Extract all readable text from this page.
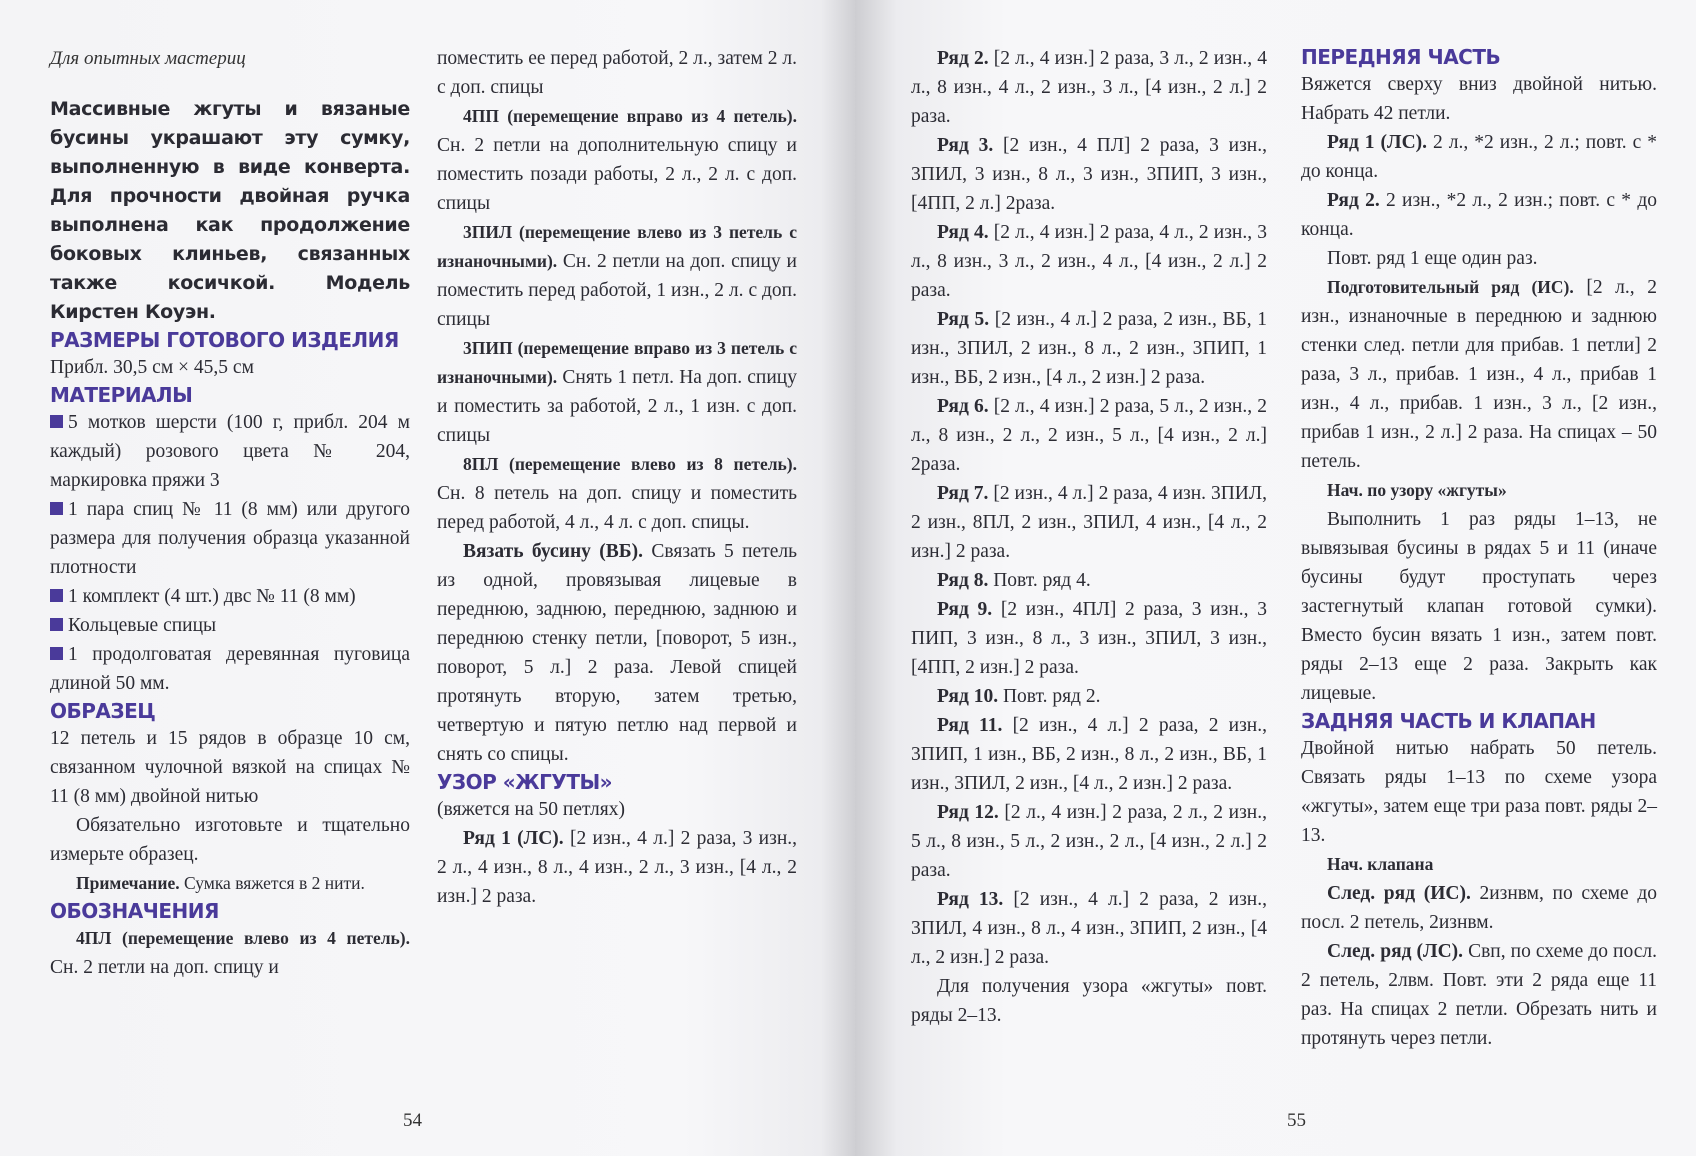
Для опытных мастериц

Массивные жгуты и вязаные бусины украшают эту сумку, выполненную в виде конверта. Для прочности двойная ручка выполнена как продолжение боковых клиньев, связанных также косичкой. Модель Кирстен Коуэн.

РАЗМЕРЫ ГОТОВОГО ИЗДЕЛИЯ

Прибл. 30,5 см × 45,5 см

МАТЕРИАЛЫ

5 мотков шерсти (100 г, прибл. 204 м каждый) розового цвета № 204, маркировка пряжи 3

1 пара спиц № 11 (8 мм) или другого размера для получения образца указанной плотности

1 комплект (4 шт.) двс № 11 (8 мм)

Кольцевые спицы

1 продолговатая деревянная пуговица длиной 50 мм.

ОБРАЗЕЦ

12 петель и 15 рядов в образце 10 см, связанном чулочной вязкой на спицах № 11 (8 мм) двойной нитью

Обязательно изготовьте и тщательно измерьте образец.

Примечание. Сумка вяжется в 2 нити.

ОБОЗНАЧЕНИЯ

4ПЛ (перемещение влево из 4 петель). Сн. 2 петли на доп. спицу и

поместить ее перед работой, 2 л., затем 2 л. с доп. спицы

4ПП (перемещение вправо из 4 петель). Сн. 2 петли на дополнительную спицу и поместить позади работы, 2 л., 2 л. с доп. спицы

3ПИЛ (перемещение влево из 3 петель с изнаночными). Сн. 2 петли на доп. спицу и поместить перед работой, 1 изн., 2 л. с доп. спицы

3ПИП (перемещение вправо из 3 петель с изнаночными). Снять 1 петл. На доп. спицу и поместить за работой, 2 л., 1 изн. с доп. спицы

8ПЛ (перемещение влево из 8 петель). Сн. 8 петель на доп. спицу и поместить перед работой, 4 л., 4 л. с доп. спицы.

Вязать бусину (ВБ). Связать 5 петель из одной, провязывая лицевые в переднюю, заднюю, переднюю, заднюю и переднюю стенку петли, [поворот, 5 изн., поворот, 5 л.] 2 раза. Левой спицей протянуть вторую, затем третью, четвертую и пятую петлю над первой и снять со спицы.

УЗОР «ЖГУТЫ»

(вяжется на 50 петлях)

Ряд 1 (ЛС). [2 изн., 4 л.] 2 раза, 3 изн., 2 л., 4 изн., 8 л., 4 изн., 2 л., 3 изн., [4 л., 2 изн.] 2 раза.

54

Ряд 2. [2 л., 4 изн.] 2 раза, 3 л., 2 изн., 4 л., 8 изн., 4 л., 2 изн., 3 л., [4 изн., 2 л.] 2 раза.

Ряд 3. [2 изн., 4 ПЛ] 2 раза, 3 изн., 3ПИЛ, 3 изн., 8 л., 3 изн., 3ПИП, 3 изн., [4ПП, 2 л.] 2раза.

Ряд 4. [2 л., 4 изн.] 2 раза, 4 л., 2 изн., 3 л., 8 изн., 3 л., 2 изн., 4 л., [4 изн., 2 л.] 2 раза.

Ряд 5. [2 изн., 4 л.] 2 раза, 2 изн., ВБ, 1 изн., 3ПИЛ, 2 изн., 8 л., 2 изн., 3ПИП, 1 изн., ВБ, 2 изн., [4 л., 2 изн.] 2 раза.

Ряд 6. [2 л., 4 изн.] 2 раза, 5 л., 2 изн., 2 л., 8 изн., 2 л., 2 изн., 5 л., [4 изн., 2 л.] 2раза.

Ряд 7. [2 изн., 4 л.] 2 раза, 4 изн. 3ПИЛ, 2 изн., 8ПЛ, 2 изн., 3ПИЛ, 4 изн., [4 л., 2 изн.] 2 раза.

Ряд 8. Повт. ряд 4.

Ряд 9. [2 изн., 4ПЛ] 2 раза, 3 изн., 3 ПИП, 3 изн., 8 л., 3 изн., 3ПИЛ, 3 изн., [4ПП, 2 изн.] 2 раза.

Ряд 10. Повт. ряд 2.

Ряд 11. [2 изн., 4 л.] 2 раза, 2 изн., 3ПИП, 1 изн., ВБ, 2 изн., 8 л., 2 изн., ВБ, 1 изн., 3ПИЛ, 2 изн., [4 л., 2 изн.] 2 раза.

Ряд 12. [2 л., 4 изн.] 2 раза, 2 л., 2 изн., 5 л., 8 изн., 5 л., 2 изн., 2 л., [4 изн., 2 л.] 2 раза.

Ряд 13. [2 изн., 4 л.] 2 раза, 2 изн., 3ПИЛ, 4 изн., 8 л., 4 изн., 3ПИП, 2 изн., [4 л., 2 изн.] 2 раза.

Для получения узора «жгуты» повт. ряды 2–13.

ПЕРЕДНЯЯ ЧАСТЬ

Вяжется сверху вниз двойной нитью. Набрать 42 петли.

Ряд 1 (ЛС). 2 л., *2 изн., 2 л.; повт. с * до конца.

Ряд 2. 2 изн., *2 л., 2 изн.; повт. с * до конца.

Повт. ряд 1 еще один раз.

Подготовительный ряд (ИС). [2 л., 2 изн., изнаночные в переднюю и заднюю стенки след. петли для прибав. 1 петли] 2 раза, 3 л., прибав. 1 изн., 4 л., прибав 1 изн., 4 л., прибав. 1 изн., 3 л., [2 изн., прибав 1 изн., 2 л.] 2 раза. На спицах – 50 петель.

Нач. по узору «жгуты»

Выполнить 1 раз ряды 1–13, не вывязывая бусины в рядах 5 и 11 (иначе бусины будут проступать через застегнутый клапан готовой сумки). Вместо бусин вязать 1 изн., затем повт. ряды 2–13 еще 2 раза. Закрыть как лицевые.

ЗАДНЯЯ ЧАСТЬ И КЛАПАН

Двойной нитью набрать 50 петель. Связать ряды 1–13 по схеме узора «жгуты», затем еще три раза повт. ряды 2–13.

Нач. клапана

След. ряд (ИС). 2изнвм, по схеме до посл. 2 петель, 2изнвм.

След. ряд (ЛС). Свп, по схеме до посл. 2 петель, 2лвм. Повт. эти 2 ряда еще 11 раз. На спицах 2 петли. Обрезать нить и протянуть через петли.

55
